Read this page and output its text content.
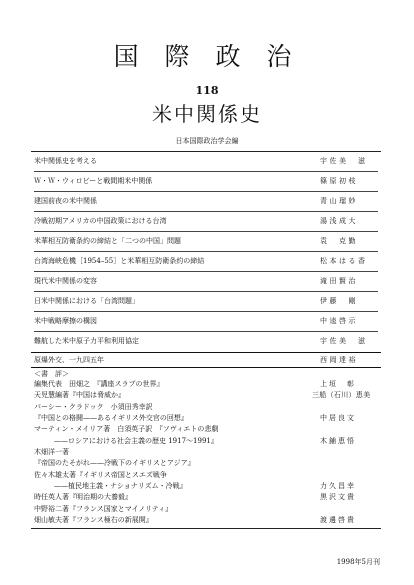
国 際 政 治
118
米中関係史
日本国際政治学会編
米中関係史を考える	宇佐美　滋
Ｗ・Ｗ・ウィロビーと戦間期米中関係	篠原初枝
建国前夜の米中関係	青山瑠妙
冷戦初期アメリカの中国政策における台湾	湯浅成大
米華相互防衛条約の締結と「二つの中国」問題	袁　克勤
台湾海峡危機［1954–55］と米華相互防衛条約の締結	松本はる香
現代米中関係の変容	滝田賢治
日米中関係における「台湾問題」	伊藤　剛
米中戦略摩擦の構図	中逵啓示
難航した米中原子力平和利用協定	宇佐美　滋
原爆外交、一九四五年	西岡達裕
＜書　評＞
編集代表　田畑之　『講座スラブの世界』	上垣　彰
天児慧編著『中国は脅威か』	三船（石川）恵美
パーシー・クラドック　小須田秀幸訳
『中国との格闘——あるイギリス外交官の回想』	中居良文
マーティン・メイリア著　白須英子訳　『ソヴィエトの悲劇
——ロシアにおける社会主義の歴史 1917〜1991』	木鋪恵悟
木畑洋一著
『帝国のたそがれ——冷戦下のイギリスとアジア』
佐々木雄太著『イギリス帝国とスエズ戦争
——植民地主義・ナショナリズム・冷戦』	力久昌幸
時任英人著『明治期の大養毅』	黒沢文貴
中野裕二著『フランス国家とマイノリティ』
畑山敏夫著『フランス極右の新展開』	渡邊啓貴
1998年5月刊
